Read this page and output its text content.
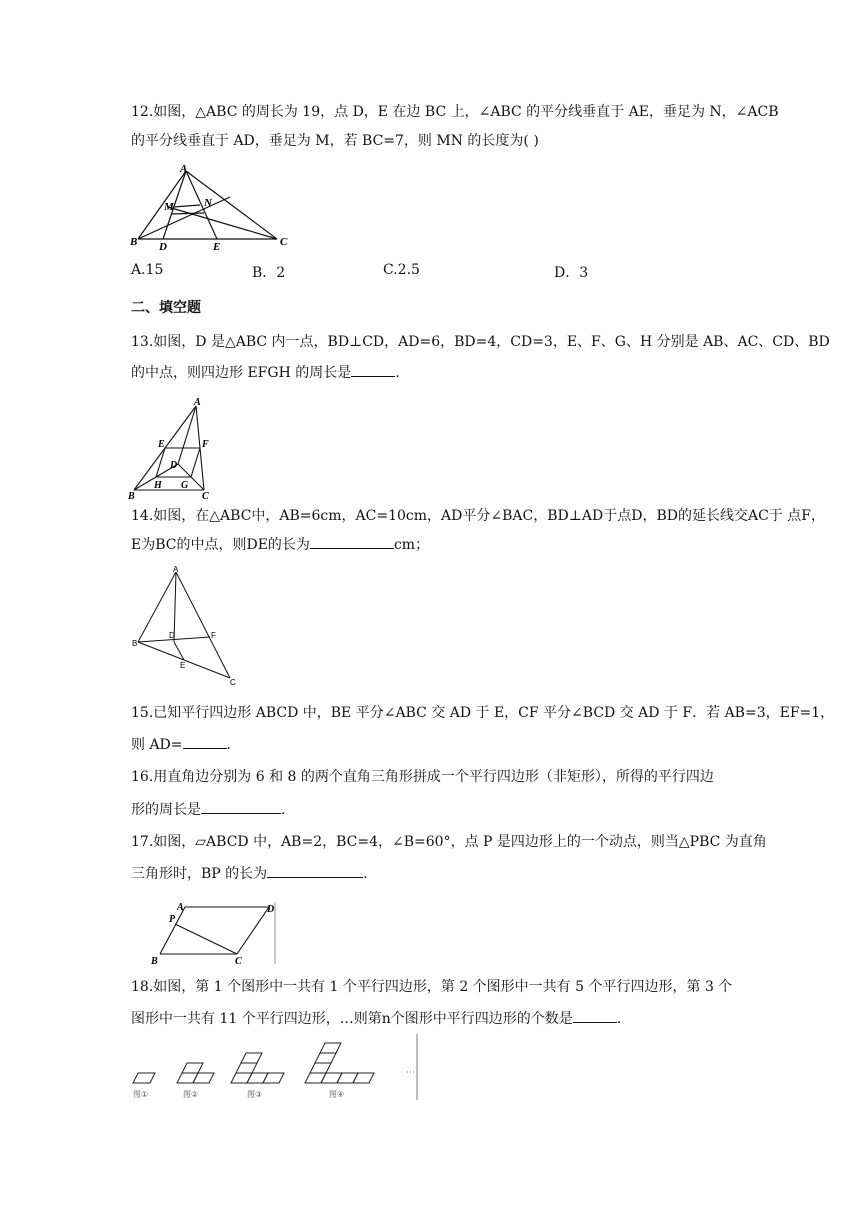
12.如图，△ABC 的周长为 19，点 D，E 在边 BC 上，∠ABC 的平分线垂直于 AE，垂足为 N，∠ACB
的平分线垂直于 AD，垂足为 M，若 BC=7，则 MN 的长度为( )
A
B	C
D	E
M	N
A.15	B．2	C.2.5	D．3
二、填空题
13.如图，D 是△ABC 内一点，BD⊥CD，AD=6，BD=4，CD=3，E、F、G、H 分别是 AB、AC、CD、BD
的中点，则四边形 EFGH 的周长是	.
A
B	C
D
E	F
G
H
14.如图，在△ABC中，AB=6cm，AC=10cm，AD平分∠BAC，BD⊥AD于点D，BD的延长线交AC于 点F，
E为BC的中点，则DE的长为	cm；
A
B
C
D
E
F
15.已知平行四边形 ABCD 中，BE 平分∠ABC 交 AD 于 E，CF 平分∠BCD 交 AD 于 F．若 AB=3，EF=1，
则 AD=	.
16.用直角边分别为 6 和 8 的两个直角三角形拼成一个平行四边形（非矩形），所得的平行四边
形的周长是	.
17.如图，▱ABCD 中，AB=2，BC=4，∠B=60°，点 P 是四边形上的一个动点，则当△PBC 为直角
三角形时，BP 的长为	.
A
B	C
D
P
18.如图，第 1 个图形中一共有 1 个平行四边形，第 2 个图形中一共有 5 个平行四边形，第 3 个
图形中一共有 11 个平行四边形，…则第n个图形中平行四边形的个数是	.
图①	图②	图③	图④
